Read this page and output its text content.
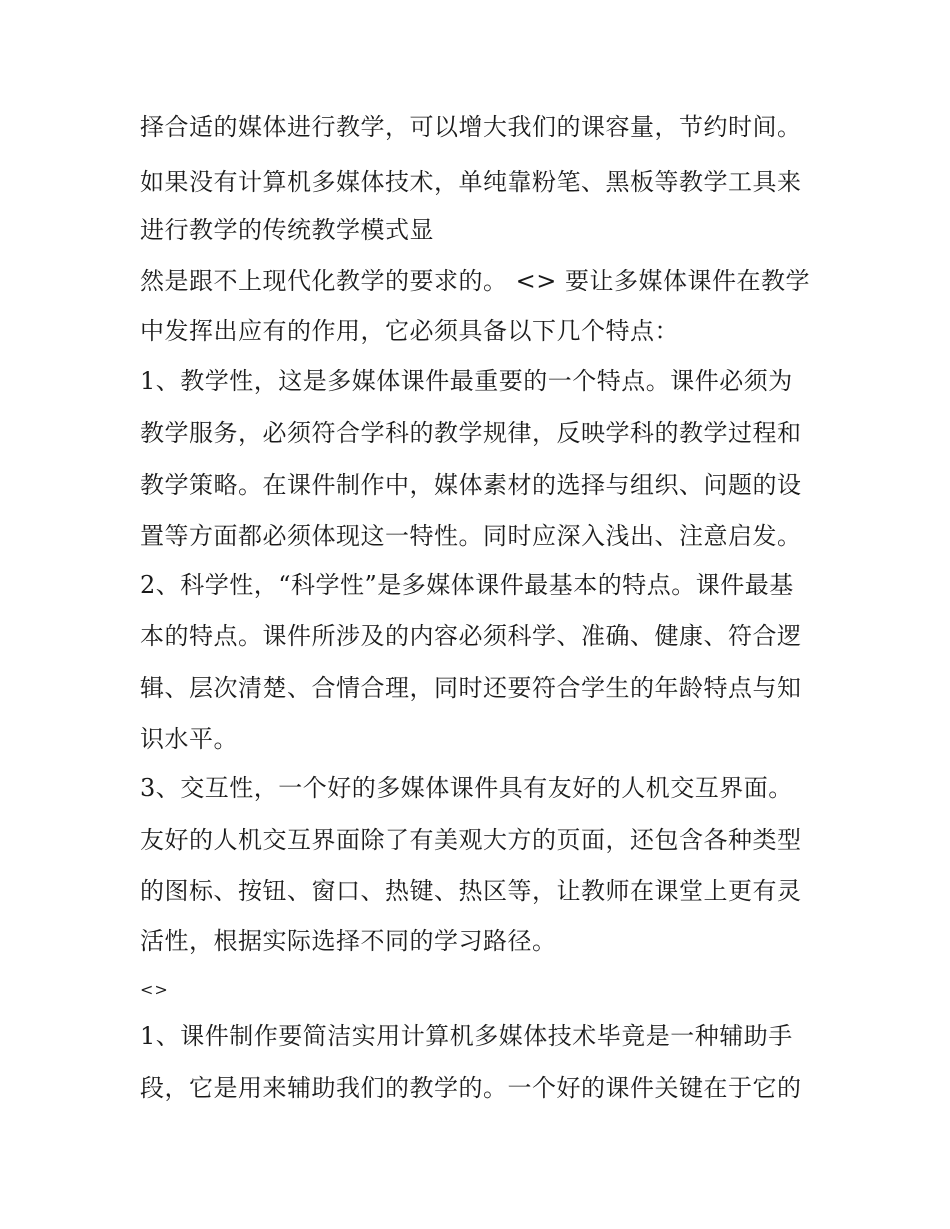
择合适的媒体进行教学，可以增大我们的课容量，节约时间。
如果没有计算机多媒体技术，单纯靠粉笔、黑板等教学工具来
进行教学的传统教学模式显
然是跟不上现代化教学的要求的。 <> 要让多媒体课件在教学
中发挥出应有的作用，它必须具备以下几个特点：
1、教学性，这是多媒体课件最重要的一个特点。课件必须为
教学服务，必须符合学科的教学规律，反映学科的教学过程和
教学策略。在课件制作中，媒体素材的选择与组织、问题的设
置等方面都必须体现这一特性。同时应深入浅出、注意启发。
2、科学性，“科学性”是多媒体课件最基本的特点。课件最基
本的特点。课件所涉及的内容必须科学、准确、健康、符合逻
辑、层次清楚、合情合理，同时还要符合学生的年龄特点与知
识水平。
3、交互性，一个好的多媒体课件具有友好的人机交互界面。
友好的人机交互界面除了有美观大方的页面，还包含各种类型
的图标、按钮、窗口、热键、热区等，让教师在课堂上更有灵
活性，根据实际选择不同的学习路径。
<>
1、课件制作要简洁实用计算机多媒体技术毕竟是一种辅助手
段，它是用来辅助我们的教学的。一个好的课件关键在于它的
